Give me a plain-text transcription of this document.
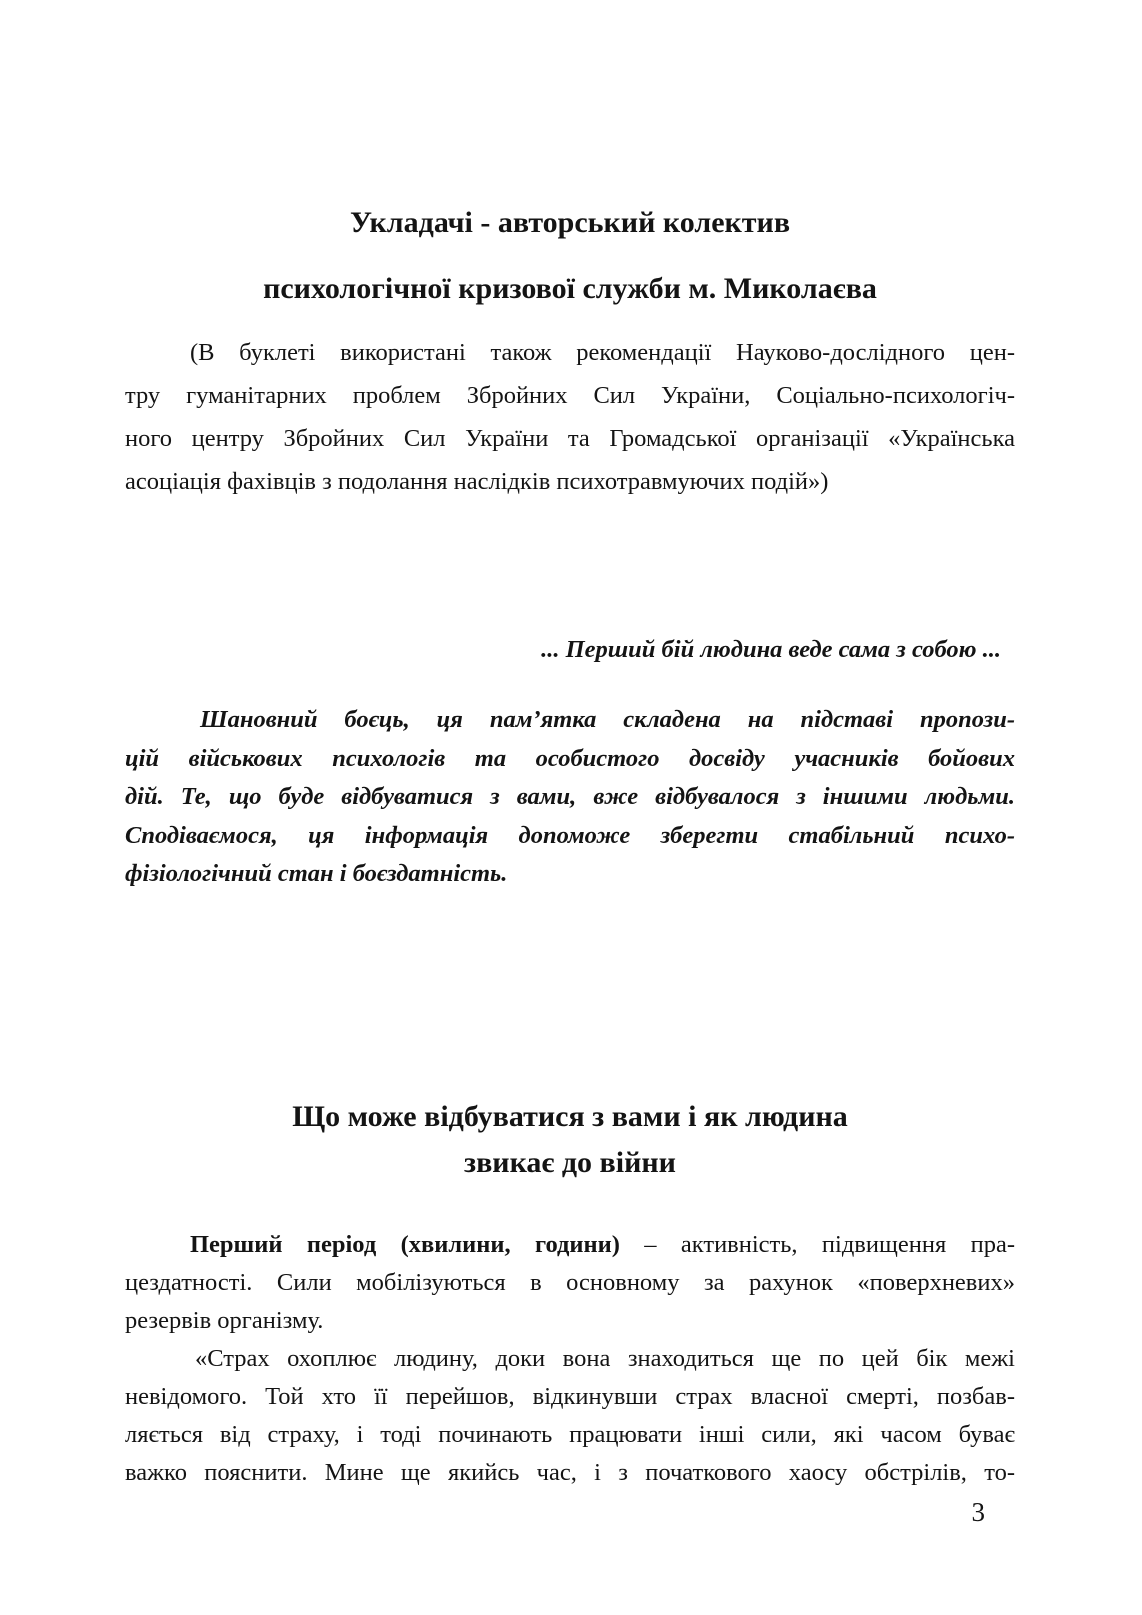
Укладачі - авторський колектив
психологічної кризової служби м. Миколаєва
(В буклеті використані також рекомендації Науково-дослідного цен-
тру гуманітарних проблем Збройних Сил України, Соціально-психологіч-
ного центру Збройних Сил України та Громадської організації «Українська
асоціація фахівців з подолання наслідків психотравмуючих подій»)
... Перший бій людина веде сама з собою ...
Шановний боєць, ця пам’ятка складена на підставі пропози-
цій військових психологів та особистого досвіду учасників бойових
дій. Те, що буде відбуватися з вами, вже відбувалося з іншими людьми.
Сподіваємося, ця інформація допоможе зберегти стабільний психо-
фізіологічний стан і боєздатність.
Що може відбуватися з вами і як людина
звикає до війни
Перший період (хвилини, години) – активність, підвищення пра-
цездатності. Сили мобілізуються в основному за рахунок «поверхневих»
резервів організму.
«Страх охоплює людину, доки вона знаходиться ще по цей бік межі
невідомого. Той хто її перейшов, відкинувши страх власної смерті, позбав-
ляється від страху, і тоді починають працювати інші сили, які часом буває
важко пояснити. Мине ще якийсь час, і з початкового хаосу обстрілів, то-
3
